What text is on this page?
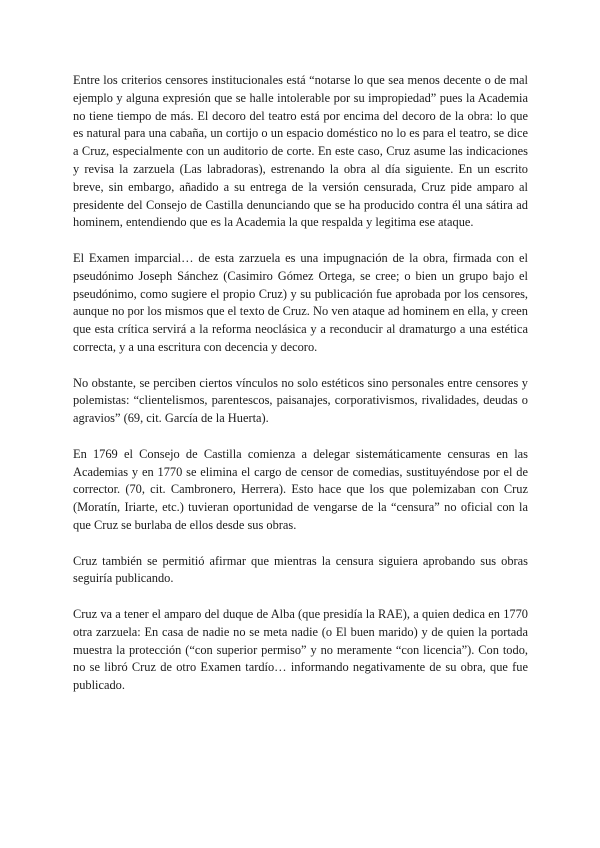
Entre los criterios censores institucionales está “notarse lo que sea menos decente o de mal ejemplo y alguna expresión que se halle intolerable por su impropiedad” pues la Academia no tiene tiempo de más. El decoro del teatro está por encima del decoro de la obra: lo que es natural para una cabaña, un cortijo o un espacio doméstico no lo es para el teatro, se dice a Cruz, especialmente con un auditorio de corte. En este caso, Cruz asume las indicaciones y revisa la zarzuela (Las labradoras), estrenando la obra al día siguiente. En un escrito breve, sin embargo, añadido a su entrega de la versión censurada, Cruz pide amparo al presidente del Consejo de Castilla denunciando que se ha producido contra él una sátira ad hominem, entendiendo que es la Academia la que respalda y legitima ese ataque.

El Examen imparcial… de esta zarzuela es una impugnación de la obra, firmada con el pseudónimo Joseph Sánchez (Casimiro Gómez Ortega, se cree; o bien un grupo bajo el pseudónimo, como sugiere el propio Cruz) y su publicación fue aprobada por los censores, aunque no por los mismos que el texto de Cruz. No ven ataque ad hominem en ella, y creen que esta crítica servirá a la reforma neoclásica y a reconducir al dramaturgo a una estética correcta, y a una escritura con decencia y decoro.

No obstante, se perciben ciertos vínculos no solo estéticos sino personales entre censores y polemistas: “clientelismos, parentescos, paisanajes, corporativismos, rivalidades, deudas o agravios” (69, cit. García de la Huerta).

En 1769 el Consejo de Castilla comienza a delegar sistemáticamente censuras en las Academias y en 1770 se elimina el cargo de censor de comedias, sustituyéndose por el de corrector. (70, cit. Cambronero, Herrera). Esto hace que los que polemizaban con Cruz (Moratín, Iriarte, etc.) tuvieran oportunidad de vengarse de la “censura” no oficial con la que Cruz se burlaba de ellos desde sus obras.

Cruz también se permitió afirmar que mientras la censura siguiera aprobando sus obras seguiría publicando.

Cruz va a tener el amparo del duque de Alba (que presidía la RAE), a quien dedica en 1770 otra zarzuela: En casa de nadie no se meta nadie (o El buen marido) y de quien la portada muestra la protección (“con superior permiso” y no meramente “con licencia”). Con todo, no se libró Cruz de otro Examen tardío… informando negativamente de su obra, que fue publicado.
